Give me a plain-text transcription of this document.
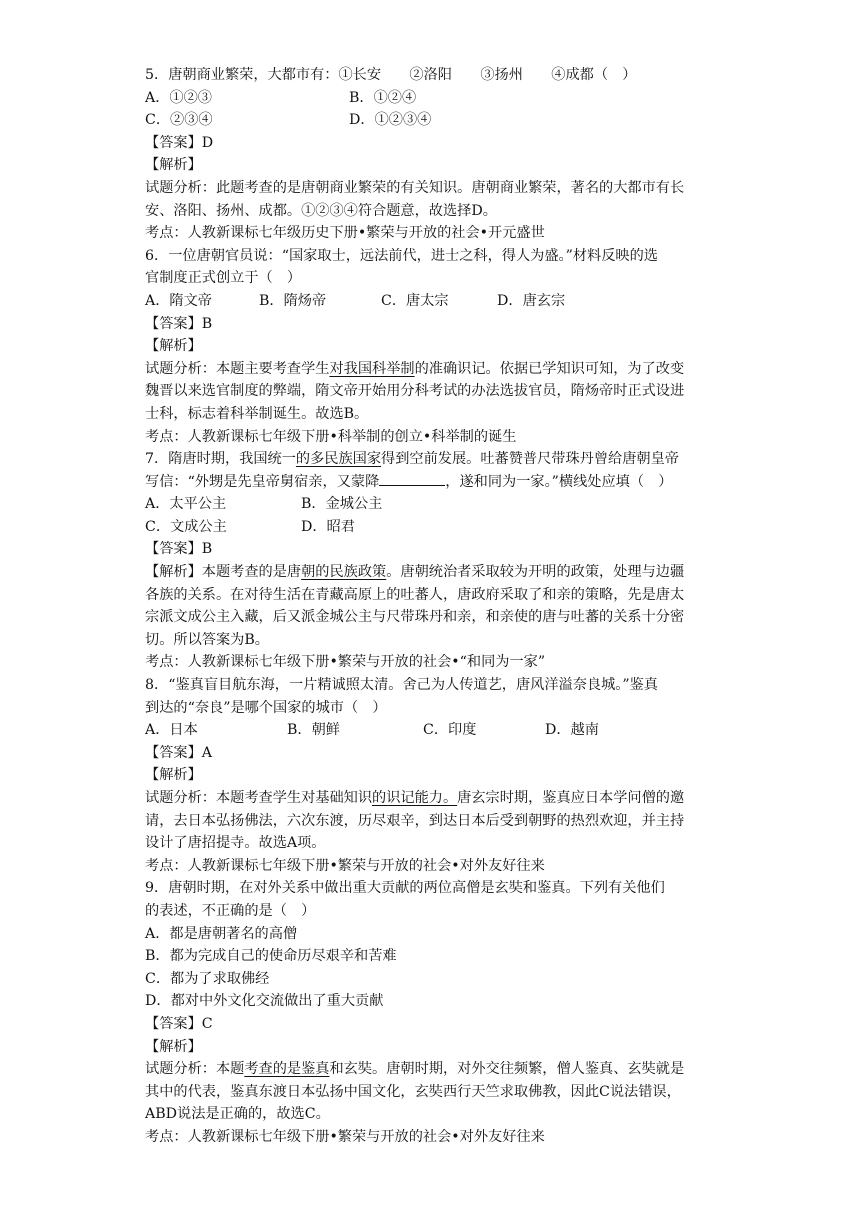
5．唐朝商业繁荣，大都市有：①长安　　②洛阳　　③扬州　　④成都（　）
A．①②③	B．①②④
C．②③④	D．①②③④
【答案】D
【解析】
试题分析：此题考查的是唐朝商业繁荣的有关知识。唐朝商业繁荣，著名的大都市有长
安、洛阳、扬州、成都。①②③④符合题意，故选择D。
考点：人教新课标七年级历史下册•繁荣与开放的社会•开元盛世
6．一位唐朝官员说：“国家取士，远法前代，进士之科，得人为盛。”材料反映的选
官制度正式创立于（　）
A．隋文帝	B．隋炀帝	C．唐太宗	D．唐玄宗
【答案】B
【解析】
试题分析：本题主要考查学生对我国科举制的准确识记。依据已学知识可知，为了改变
魏晋以来选官制度的弊端，隋文帝开始用分科考试的办法选拔官员，隋炀帝时正式设进
士科，标志着科举制诞生。故选B。
考点：人教新课标七年级下册•科举制的创立•科举制的诞生
7．隋唐时期，我国统一的多民族国家得到空前发展。吐蕃赞普尺带珠丹曾给唐朝皇帝
写信：“外甥是先皇帝舅宿亲，又蒙降	，遂和同为一家。”横线处应填（　）
A．太平公主	B．金城公主
C．文成公主	D．昭君
【答案】B
【解析】本题考查的是唐朝的民族政策。唐朝统治者采取较为开明的政策，处理与边疆
各族的关系。在对待生活在青藏高原上的吐蕃人，唐政府采取了和亲的策略，先是唐太
宗派文成公主入藏，后又派金城公主与尺带珠丹和亲，和亲使的唐与吐蕃的关系十分密
切。所以答案为B。
考点：人教新课标七年级下册•繁荣与开放的社会•“和同为一家”
8．“鉴真盲目航东海，一片精诚照太清。舍己为人传道艺，唐风洋溢奈良城。”鉴真
到达的“奈良”是哪个国家的城市（　）
A．日本	B．朝鲜	C．印度	D．越南
【答案】A
【解析】
试题分析：本题考查学生对基础知识的识记能力。唐玄宗时期，鉴真应日本学问僧的邀
请，去日本弘扬佛法，六次东渡，历尽艰辛，到达日本后受到朝野的热烈欢迎，并主持
设计了唐招提寺。故选A项。
考点：人教新课标七年级下册•繁荣与开放的社会•对外友好往来
9．唐朝时期，在对外关系中做出重大贡献的两位高僧是玄奘和鉴真。下列有关他们
的表述，不正确的是（　）
A．都是唐朝著名的高僧
B．都为完成自己的使命历尽艰辛和苦难
C．都为了求取佛经
D．都对中外文化交流做出了重大贡献
【答案】C
【解析】
试题分析：本题考查的是鉴真和玄奘。唐朝时期，对外交往频繁，僧人鉴真、玄奘就是
其中的代表，鉴真东渡日本弘扬中国文化，玄奘西行天竺求取佛教，因此C说法错误，
ABD说法是正确的，故选C。
考点：人教新课标七年级下册•繁荣与开放的社会•对外友好往来
